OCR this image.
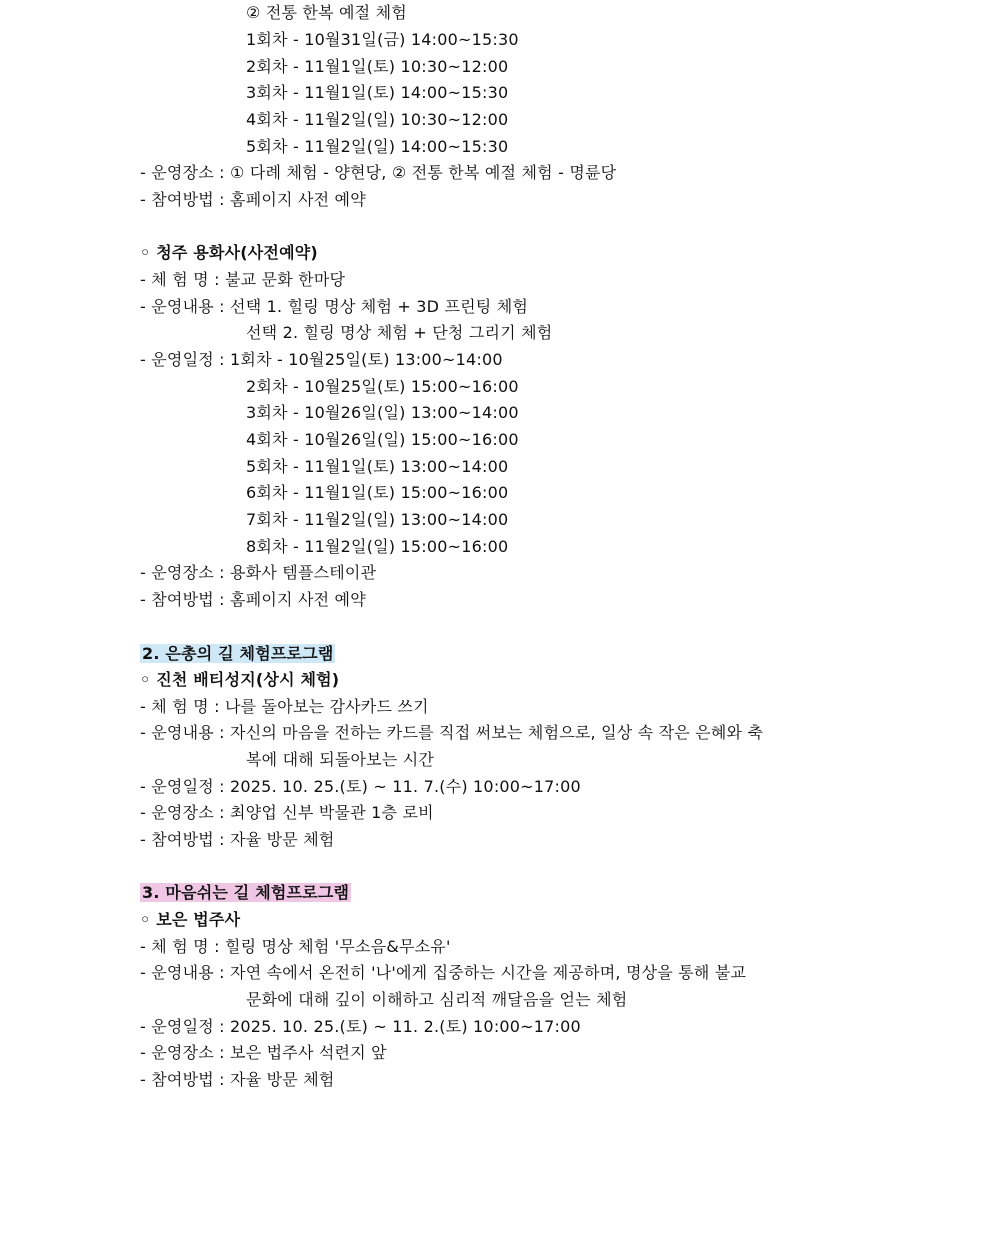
② 전통 한복 예절 체험
1회차 - 10월31일(금) 14:00~15:30
2회차 - 11월1일(토) 10:30~12:00
3회차 - 11월1일(토) 14:00~15:30
4회차 - 11월2일(일) 10:30~12:00
5회차 - 11월2일(일) 14:00~15:30
- 운영장소 : ① 다례 체험 - 양현당, ② 전통 한복 예절 체험 - 명륜당
- 참여방법 : 홈페이지 사전 예약
◦ 청주 용화사(사전예약)
- 체 험 명 : 불교 문화 한마당
- 운영내용 : 선택 1. 힐링 명상 체험 + 3D 프린팅 체험
선택 2. 힐링 명상 체험 + 단청 그리기 체험
- 운영일정 : 1회차 - 10월25일(토) 13:00~14:00
2회차 - 10월25일(토) 15:00~16:00
3회차 - 10월26일(일) 13:00~14:00
4회차 - 10월26일(일) 15:00~16:00
5회차 - 11월1일(토) 13:00~14:00
6회차 - 11월1일(토) 15:00~16:00
7회차 - 11월2일(일) 13:00~14:00
8회차 - 11월2일(일) 15:00~16:00
- 운영장소 : 용화사 템플스테이관
- 참여방법 : 홈페이지 사전 예약
2. 은총의 길 체험프로그램
◦ 진천 배티성지(상시 체험)
- 체 험 명 : 나를 돌아보는 감사카드 쓰기
- 운영내용 : 자신의 마음을 전하는 카드를 직접 써보는 체험으로, 일상 속 작은 은혜와 축
복에 대해 되돌아보는 시간
- 운영일정 : 2025. 10. 25.(토) ~ 11. 7.(수) 10:00~17:00
- 운영장소 : 최양업 신부 박물관 1층 로비
- 참여방법 : 자율 방문 체험
3. 마음쉬는 길 체험프로그램
◦ 보은 법주사
- 체 험 명 : 힐링 명상 체험 '무소음&무소유'
- 운영내용 : 자연 속에서 온전히 '나'에게 집중하는 시간을 제공하며, 명상을 통해 불교
문화에 대해 깊이 이해하고 심리적 깨달음을 얻는 체험
- 운영일정 : 2025. 10. 25.(토) ~ 11. 2.(토) 10:00~17:00
- 운영장소 : 보은 법주사 석련지 앞
- 참여방법 : 자율 방문 체험
